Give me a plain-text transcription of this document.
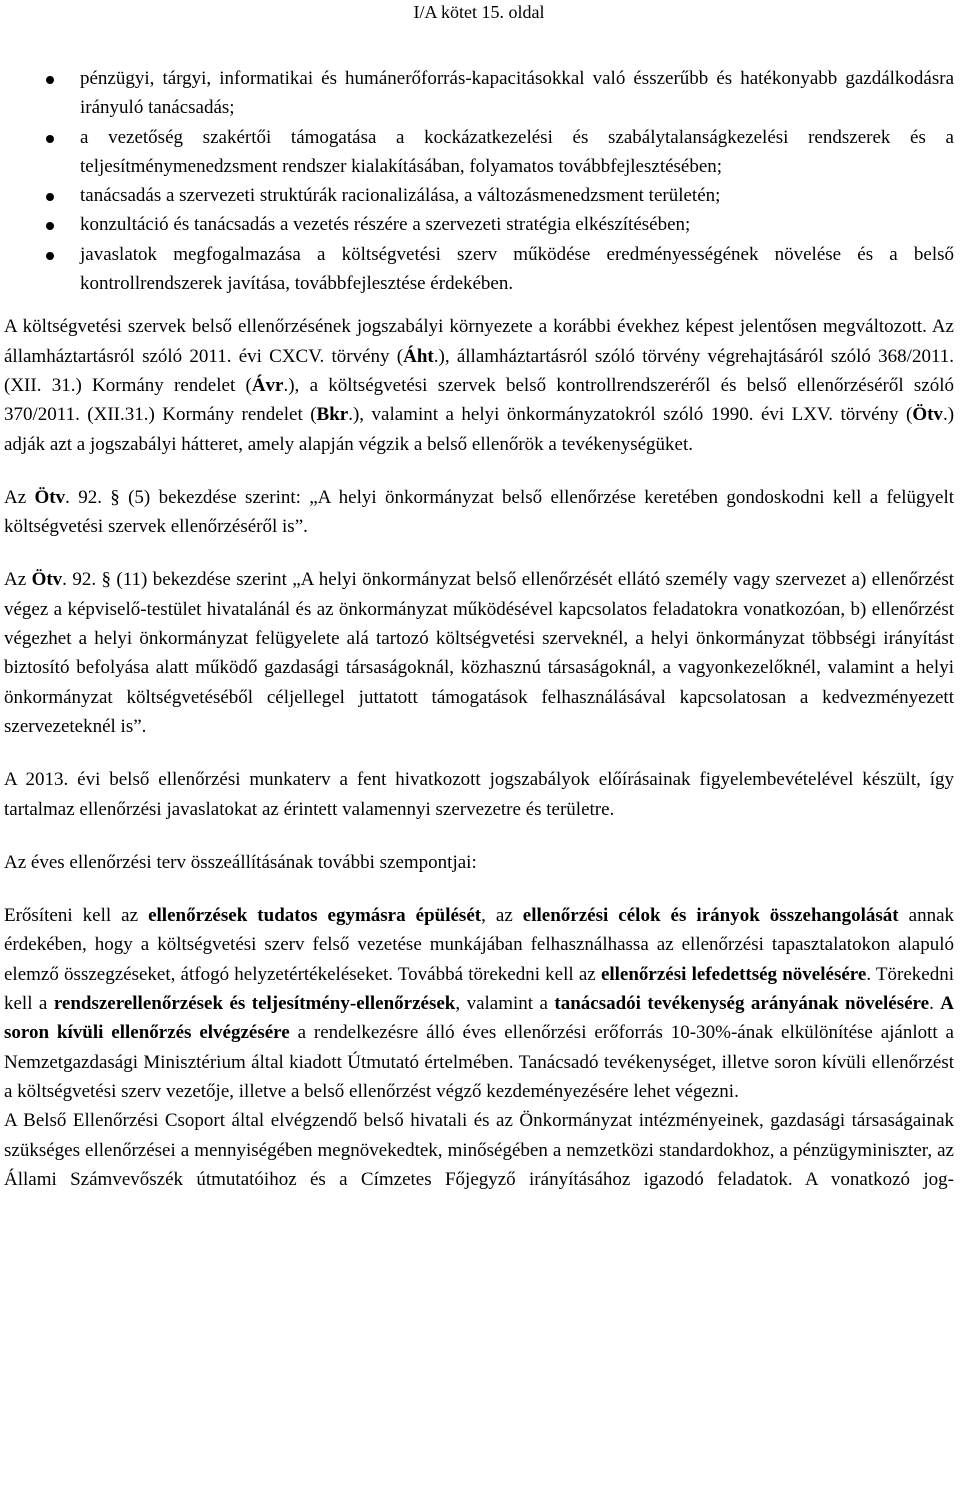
I/A kötet 15. oldal
pénzügyi, tárgyi, informatikai és humánerőforrás-kapacitásokkal való ésszerűbb és hatékonyabb gazdálkodásra irányuló tanácsadás;
a vezetőség szakértői támogatása a kockázatkezelési és szabálytalanságkezelési rendszerek és a teljesítménymenedzsment rendszer kialakításában, folyamatos továbbfejlesztésében;
tanácsadás a szervezeti struktúrák racionalizálása, a változásmenedzsment területén;
konzultáció és tanácsadás a vezetés részére a szervezeti stratégia elkészítésében;
javaslatok megfogalmazása a költségvetési szerv működése eredményességének növelése és a belső kontrollrendszerek javítása, továbbfejlesztése érdekében.

A költségvetési szervek belső ellenőrzésének jogszabályi környezete a korábbi évekhez képest jelentősen megváltozott. Az államháztartásról szóló 2011. évi CXCV. törvény (Áht.), államháztartásról szóló törvény végrehajtásáról szóló 368/2011. (XII. 31.) Kormány rendelet (Ávr.), a költségvetési szervek belső kontrollrendszeréről és belső ellenőrzéséről szóló 370/2011. (XII.31.) Kormány rendelet (Bkr.), valamint a helyi önkormányzatokról szóló 1990. évi LXV. törvény (Ötv.) adják azt a jogszabályi hátteret, amely alapján végzik a belső ellenőrök a tevékenységüket.

Az Ötv. 92. § (5) bekezdése szerint: „A helyi önkormányzat belső ellenőrzése keretében gondoskodni kell a felügyelt költségvetési szervek ellenőrzéséről is”.

Az Ötv. 92. § (11) bekezdése szerint „A helyi önkormányzat belső ellenőrzését ellátó személy vagy szervezet a) ellenőrzést végez a képviselő-testület hivatalánál és az önkormányzat működésével kapcsolatos feladatokra vonatkozóan, b) ellenőrzést végezhet a helyi önkormányzat felügyelete alá tartozó költségvetési szerveknél, a helyi önkormányzat többségi irányítást biztosító befolyása alatt működő gazdasági társaságoknál, közhasznú társaságoknál, a vagyonkezelőknél, valamint a helyi önkormányzat költségvetéséből céljellegel juttatott támogatások felhasználásával kapcsolatosan a kedvezményezett szervezeteknél is”.

A 2013. évi belső ellenőrzési munkaterv a fent hivatkozott jogszabályok előírásainak figyelembevételével készült, így tartalmaz ellenőrzési javaslatokat az érintett valamennyi szervezetre és területre.

Az éves ellenőrzési terv összeállításának további szempontjai:

Erősíteni kell az ellenőrzések tudatos egymásra épülését, az ellenőrzési célok és irányok összehangolását annak érdekében, hogy a költségvetési szerv felső vezetése munkájában felhasználhassa az ellenőrzési tapasztalatokon alapuló elemző összegzéseket, átfogó helyzetértékeléseket. Továbbá törekedni kell az ellenőrzési lefedettség növelésére. Törekedni kell a rendszerellenőrzések és teljesítmény-ellenőrzések, valamint a tanácsadói tevékenység arányának növelésére. A soron kívüli ellenőrzés elvégzésére a rendelkezésre álló éves ellenőrzési erőforrás 10-30%-ának elkülönítése ajánlott a Nemzetgazdasági Minisztérium által kiadott Útmutató értelmében. Tanácsadó tevékenységet, illetve soron kívüli ellenőrzést a költségvetési szerv vezetője, illetve a belső ellenőrzést végző kezdeményezésére lehet végezni.

A Belső Ellenőrzési Csoport által elvégzendő belső hivatali és az Önkormányzat intézményeinek, gazdasági társaságainak szükséges ellenőrzései a mennyiségében megnövekedtek, minőségében a nemzetközi standardokhoz, a pénzügyminiszter, az Állami Számvevőszék útmutatóihoz és a Címzetes Főjegyző irányításához igazodó feladatok. A vonatkozó jog-
